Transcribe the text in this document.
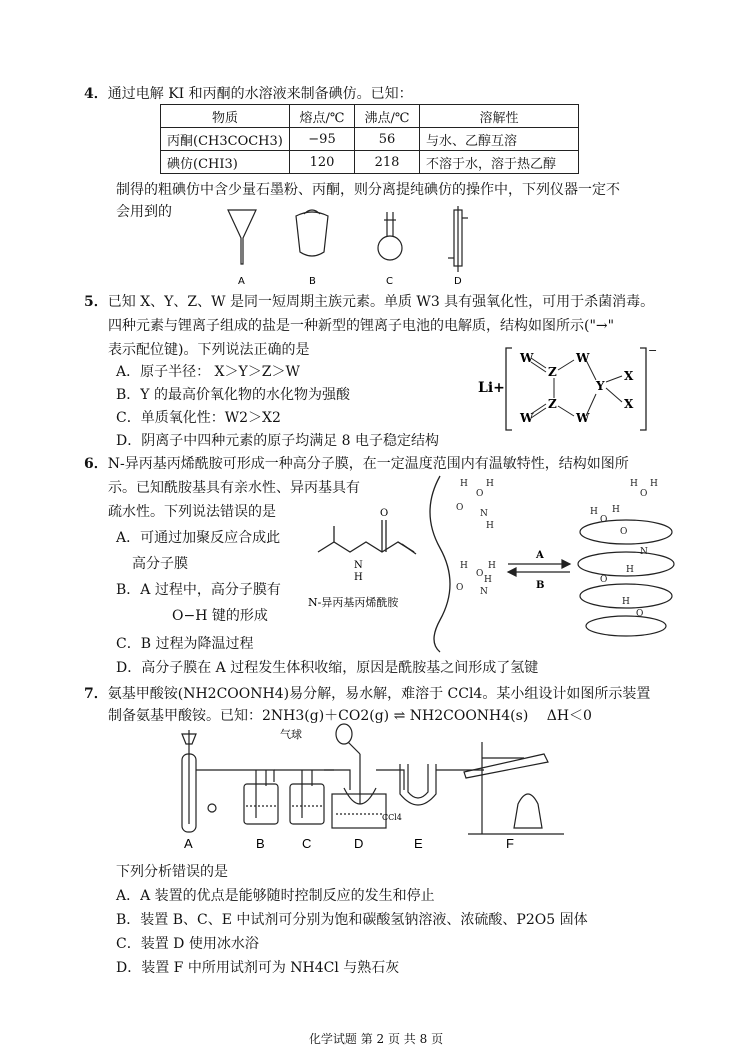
4．通过电解 KI 和丙酮的水溶液来制备碘仿。已知：
物质	熔点/℃	沸点/℃	溶解性
丙酮(CH3COCH3)	−95	56	与水、乙醇互溶
碘仿(CHI3)	120	218	不溶于水，溶于热乙醇
制得的粗碘仿中含少量石墨粉、丙酮，则分离提纯碘仿的操作中，下列仪器一定不
会用到的
A	B	C	D
5．已知 X、Y、Z、W 是同一短周期主族元素。单质 W3 具有强氧化性，可用于杀菌消毒。
四种元素与锂离子组成的盐是一种新型的锂离子电池的电解质，结构如图所示("→"
表示配位键)。下列说法正确的是
A．原子半径： X＞Y＞Z＞W
B．Y 的最高价氧化物的水化物为强酸
C．单质氧化性：W2＞X2
D．阴离子中四种元素的原子均满足 8 电子稳定结构
Li+
−
W
Z
W
Y
X
X
W
Z
W
6．N-异丙基丙烯酰胺可形成一种高分子膜，在一定温度范围内有温敏特性，结构如图所
示。已知酰胺基具有亲水性、异丙基具有
疏水性。下列说法错误的是
A．可通过加聚反应合成此
高分子膜
B．A 过程中，高分子膜有
O−H 键的形成
C．B 过程为降温过程
D．高分子膜在 A 过程发生体积收缩，原因是酰胺基之间形成了氢键
O
N
H
N-异丙基丙烯酰胺
H
O
H
O
N
H
H
O
H
O N
H
A
B
H
O
H
H
O
H
O
N
H
O
H
O
7．氨基甲酸铵(NH2COONH4)易分解，易水解，难溶于 CCl4。某小组设计如图所示装置
制备氨基甲酸铵。已知：2NH3(g)＋CO2(g) ⇌ NH2COONH4(s)　 ΔH＜0
气球
CCl4
A	B	C	D	E	F
下列分析错误的是
A．A 装置的优点是能够随时控制反应的发生和停止
B．装置 B、C、E 中试剂可分别为饱和碳酸氢钠溶液、浓硫酸、P2O5 固体
C．装置 D 使用冰水浴
D．装置 F 中所用试剂可为 NH4Cl 与熟石灰
化学试题 第 2 页 共 8 页
